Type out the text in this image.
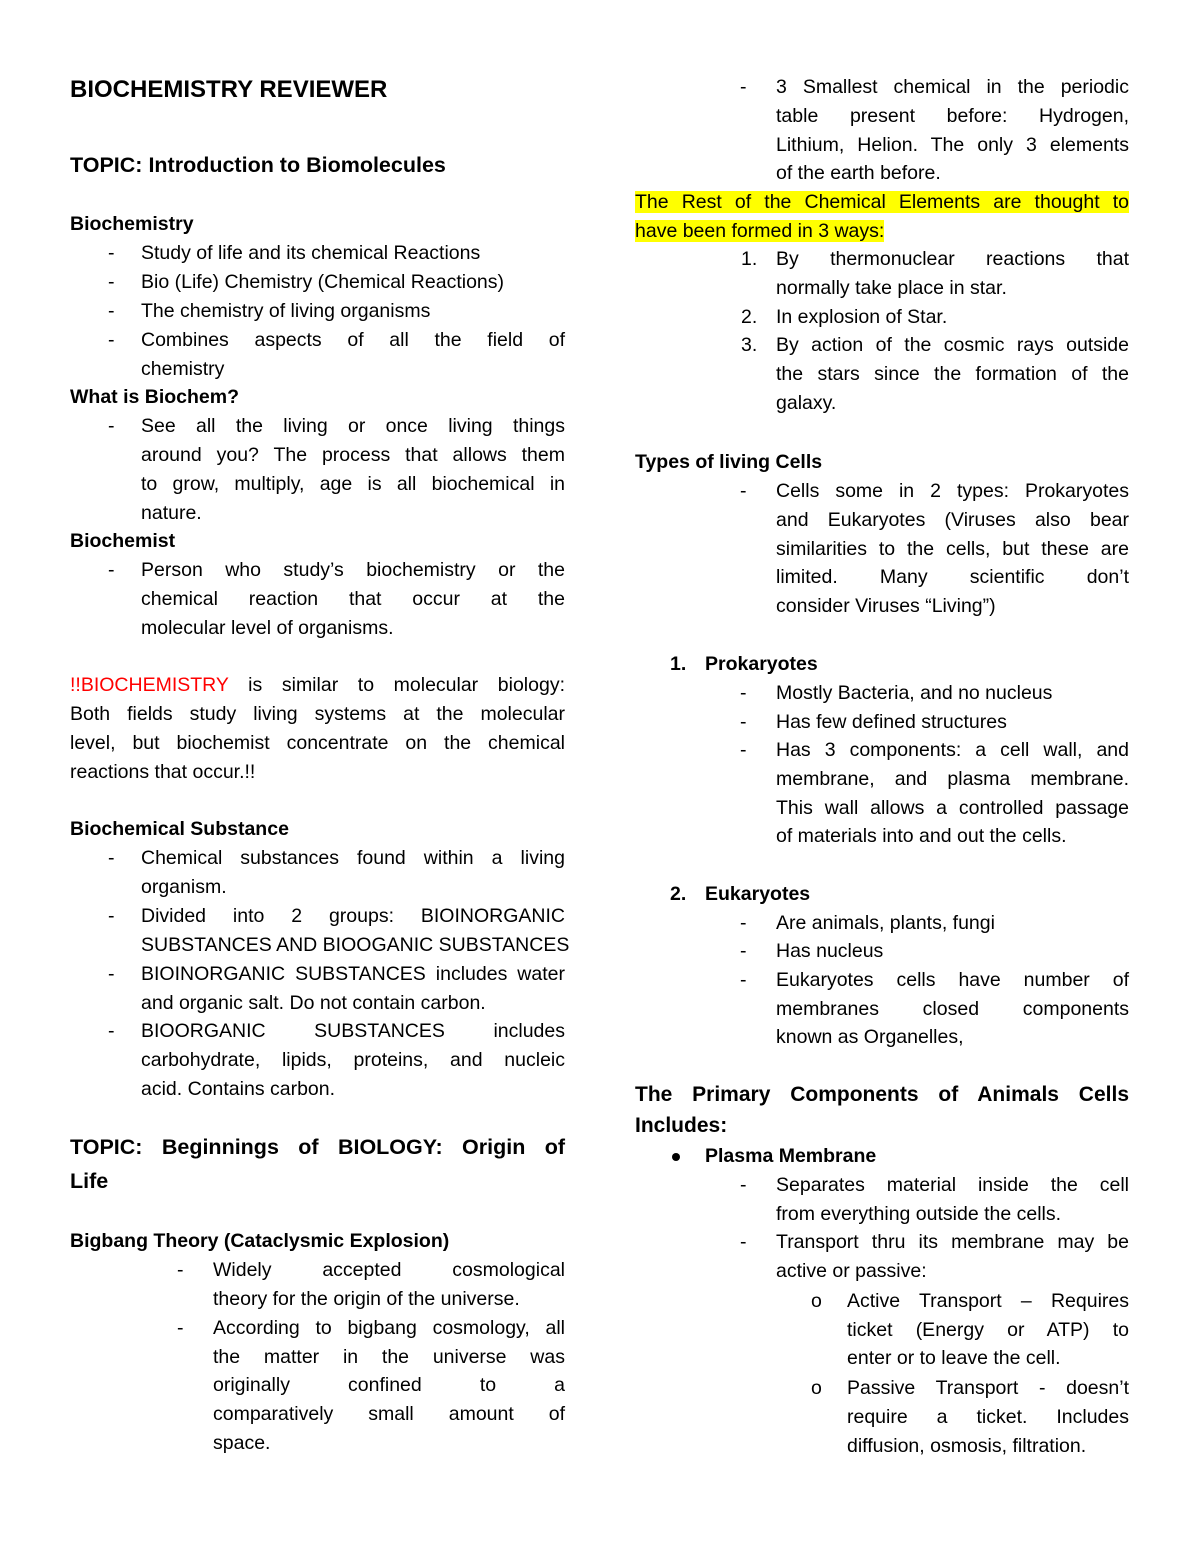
BIOCHEMISTRY REVIEWER
TOPIC: Introduction to Biomolecules
Biochemistry
- Study of life and its chemical Reactions
- Bio (Life) Chemistry (Chemical Reactions)
- The chemistry of living organisms
- Combines aspects of all the field of
chemistry
What is Biochem?
- See all the living or once living things
around you? The process that allows them
to grow, multiply, age is all biochemical in
nature.
Biochemist
- Person who study’s biochemistry or the
chemical reaction that occur at the
molecular level of organisms.
!!BIOCHEMISTRY is similar to molecular biology:
Both fields study living systems at the molecular
level, but biochemist concentrate on the chemical
reactions that occur.!!
Biochemical Substance
- Chemical substances found within a living
organism.
- Divided into 2 groups: BIOINORGANIC
SUBSTANCES AND BIOOGANIC SUBSTANCES
- BIOINORGANIC SUBSTANCES includes water
and organic salt. Do not contain carbon.
- BIOORGANIC SUBSTANCES includes
carbohydrate, lipids, proteins, and nucleic
acid. Contains carbon.
TOPIC: Beginnings of BIOLOGY: Origin of
Life
Bigbang Theory (Cataclysmic Explosion)
- Widely accepted cosmological
theory for the origin of the universe.
- According to bigbang cosmology, all
the matter in the universe was
originally confined to a
comparatively small amount of
space.
- 3 Smallest chemical in the periodic
table present before: Hydrogen,
Lithium, Helion. The only 3 elements
of the earth before.
The Rest of the Chemical Elements are thought to
have been formed in 3 ways:
1. By thermonuclear reactions that
normally take place in star.
2. In explosion of Star.
3. By action of the cosmic rays outside
the stars since the formation of the
galaxy.
Types of living Cells
- Cells some in 2 types: Prokaryotes
and Eukaryotes (Viruses also bear
similarities to the cells, but these are
limited. Many scientific don’t
consider Viruses “Living”)
1. Prokaryotes
- Mostly Bacteria, and no nucleus
- Has few defined structures
- Has 3 components: a cell wall, and
membrane, and plasma membrane.
This wall allows a controlled passage
of materials into and out the cells.
2. Eukaryotes
- Are animals, plants, fungi
- Has nucleus
- Eukaryotes cells have number of
membranes closed components
known as Organelles,
The Primary Components of Animals Cells
Includes:
Plasma Membrane
- Separates material inside the cell
from everything outside the cells.
- Transport thru its membrane may be
active or passive:
o Active Transport – Requires
ticket (Energy or ATP) to
enter or to leave the cell.
o Passive Transport - doesn’t
require a ticket. Includes
diffusion, osmosis, filtration.
